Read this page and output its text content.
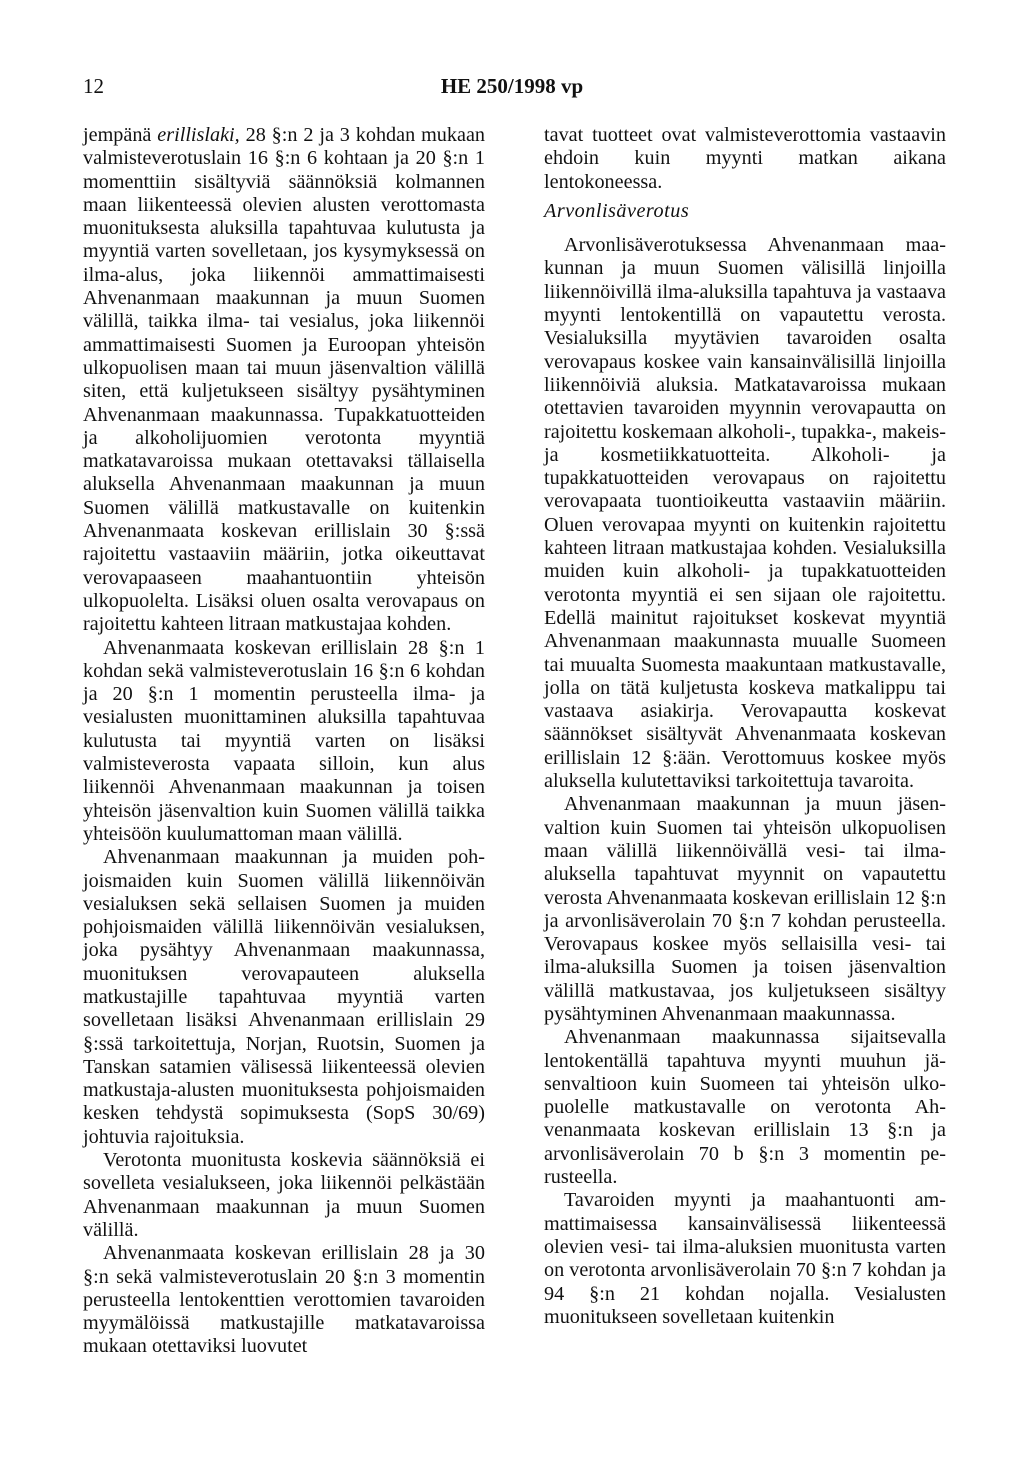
12	HE 250/1998 vp

jempänä erillislaki, 28 §:n 2 ja 3 kohdan mukaan valmisteverotuslain 16 §:n 6 kohtaan ja 20 §:n 1 momenttiin sisältyviä säännöksiä kolmannen maan liikenteessä olevien alusten verottomasta muonituksesta aluksilla tapahtuvaa kulutusta ja myyntiä varten sovelletaan, jos kysymyksessä on ilma-alus, joka liikennöi ammattimaisesti Ahvenanmaan maakunnan ja muun Suomen välillä, taikka ilma- tai vesialus, joka liikennöi ammattimaisesti Suomen ja Euroopan yhteisön ulkopuolisen maan tai muun jäsenvaltion välillä siten, että kuljetukseen sisältyy pysähtyminen Ahvenanmaan maakunnassa. Tupakkatuotteiden ja alkoholijuomien verotonta myyntiä matkatavaroissa mukaan otettavaksi tällaisella aluksella Ahvenanmaan maakunnan ja muun Suomen välillä matkustavalle on kuitenkin Ahvenanmaata koskevan erillislain 30 §:ssä rajoitettu vastaaviin määriin, jotka oikeuttavat verovapaaseen maahantuontiin yhteisön ulkopuolelta. Lisäksi oluen osalta verovapaus on rajoitettu kahteen litraan matkustajaa kohden.

Ahvenanmaata koskevan erillislain 28 §:n 1 kohdan sekä valmisteverotuslain 16 §:n 6 kohdan ja 20 §:n 1 momentin perusteella ilma- ja vesialusten muonittaminen aluksilla tapahtuvaa kulutusta tai myyntiä varten on lisäksi valmisteverosta vapaata silloin, kun alus liikennöi Ahvenanmaan maakunnan ja toisen yhteisön jäsenvaltion kuin Suomen välillä taikka yhteisöön kuulumattoman maan välillä.

Ahvenanmaan maakunnan ja muiden pohjoismaiden kuin Suomen välillä liikennöivän vesialuksen sekä sellaisen Suomen ja muiden pohjoismaiden välillä liikennöivän vesialuksen, joka pysähtyy Ahvenanmaan maakunnassa, muonituksen verovapauteen aluksella matkustajille tapahtuvaa myyntiä varten sovelletaan lisäksi Ahvenanmaan erillislain 29 §:ssä tarkoitettuja, Norjan, Ruotsin, Suomen ja Tanskan satamien välisessä liikenteessä olevien matkustaja-alusten muonituksesta pohjoismaiden kesken tehdystä sopimuksesta (SopS 30/69) johtuvia rajoituksia.

Verotonta muonitusta koskevia säännöksiä ei sovelleta vesialukseen, joka liikennöi pelkästään Ahvenanmaan maakunnan ja muun Suomen välillä.

Ahvenanmaata koskevan erillislain 28 ja 30 §:n sekä valmisteverotuslain 20 §:n 3 momentin perusteella lentokenttien verottomien tavaroiden myymälöissä matkustajille matkatavaroissa mukaan otettaviksi luovutet

tavat tuotteet ovat valmisteverottomia vastaavin ehdoin kuin myynti matkan aikana lentokoneessa.

Arvonlisäverotus

Arvonlisäverotuksessa Ahvenanmaan maakunnan ja muun Suomen välisillä linjoilla liikennöivillä ilma-aluksilla tapahtuva ja vastaava myynti lentokentillä on vapautettu verosta. Vesialuksilla myytävien tavaroiden osalta verovapaus koskee vain kansainvälisillä linjoilla liikennöiviä aluksia. Matkatavaroissa mukaan otettavien tavaroiden myynnin verovapautta on rajoitettu koskemaan alkoholi-, tupakka-, makeis- ja kosmetiikkatuotteita. Alkoholi- ja tupakkatuotteiden verovapaus on rajoitettu verovapaata tuontioikeutta vastaaviin määriin. Oluen verovapaa myynti on kuitenkin rajoitettu kahteen litraan matkustajaa kohden. Vesialuksilla muiden kuin alkoholi- ja tupakkatuotteiden verotonta myyntiä ei sen sijaan ole rajoitettu. Edellä mainitut rajoitukset koskevat myyntiä Ahvenanmaan maakunnasta muualle Suomeen tai muualta Suomesta maakuntaan matkustavalle, jolla on tätä kuljetusta koskeva matkalippu tai vastaava asiakirja. Verovapautta koskevat säännökset sisältyvät Ahvenanmaata koskevan erillislain 12 §:ään. Verottomuus koskee myös aluksella kulutettaviksi tarkoitettuja tavaroita.

Ahvenanmaan maakunnan ja muun jäsenvaltion kuin Suomen tai yhteisön ulkopuolisen maan välillä liikennöivällä vesi- tai ilma-aluksella tapahtuvat myynnit on vapautettu verosta Ahvenanmaata koskevan erillislain 12 §:n ja arvonlisäverolain 70 §:n 7 kohdan perusteella. Verovapaus koskee myös sellaisilla vesi- tai ilma-aluksilla Suomen ja toisen jäsenvaltion välillä matkustavaa, jos kuljetukseen sisältyy pysähtyminen Ahvenanmaan maakunnassa.

Ahvenanmaan maakunnassa sijaitsevalla lentokentällä tapahtuva myynti muuhun jäsenvaltioon kuin Suomeen tai yhteisön ulkopuolelle matkustavalle on verotonta Ahvenanmaata koskevan erillislain 13 §:n ja arvonlisäverolain 70 b §:n 3 momentin perusteella.

Tavaroiden myynti ja maahantuonti ammattimaisessa kansainvälisessä liikenteessä olevien vesi- tai ilma-aluksien muonitusta varten on verotonta arvonlisäverolain 70 §:n 7 kohdan ja 94 §:n 21 kohdan nojalla. Vesialusten muonitukseen sovelletaan kuitenkin
